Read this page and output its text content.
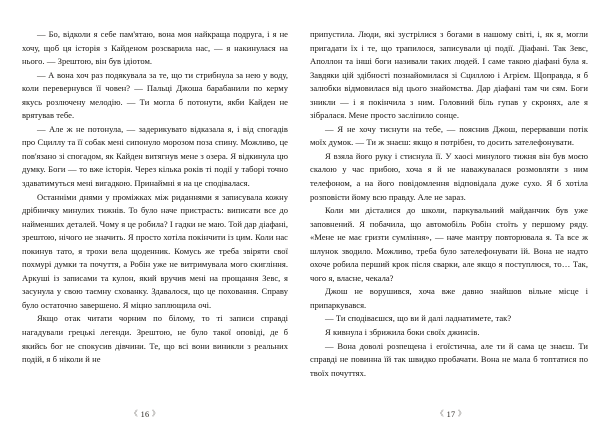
— Бо, відколи я себе пам'ятаю, вона моя найкраща подруга, і я не хочу, щоб ця історія з Кайденом розсварила нас, — я накинулася на нього. — Зрештою, він був ідіотом.

— А вона хоч раз подякувала за те, що ти стрибнула за нею у воду, коли перевернувся її човен? — Пальці Джоша барабанили по керму якусь розлючену мелодію. — Ти могла б потонути, якби Кайден не врятував тебе.

— Але ж не потонула, — задерикувато відказала я, і від спогадів про Сциллу та її собак мені сипонуло морозом поза спину. Можливо, це пов'язано зі спогадом, як Кайден витягнув мене з озера. Я відкинула цю думку. Боги — то вже історія. Через кілька років ті події у таборі точно здаватимуться мені вигадкою. Принаймні я на це сподівалася.

Останніми днями у проміжках між риданнями я записувала кожну дрібничку минулих тижнів. То було наче пристрасть: виписати все до найменших деталей. Чому я це робила? І гадки не маю. Той дар діафані, зрештою, нічого не значить. Я просто хотіла покінчити із цим. Коли нас покинув тато, я трохи вела щоденник. Комусь же треба звіряти свої похмурі думки та почуття, а Робін уже не витримувала мого скиглiння. Аркуші із записами та кулон, який вручив мені на прощання Зевс, я засунула у свою таємну схованку. Здавалося, що це поховання. Справу було остаточно завершено. Я міцно заплющила очі.

Якщо отак читати чорним по білому, то ті записи справді нагадували грецькі легенди. Зрештою, не було такої оповіді, де б якийсь бог не спокусив дівчини. Те, що всі вони виникли з реальних подій, я б ніколи й не

《 16 》

припустила. Люди, які зустрілися з богами в нашому світі, і, як я, могли пригадати їх і те, що трапилося, записували ці події. Діафані. Так Зевс, Аполлон та інші боги називали таких людей. І саме такою діафані була я. Завдяки цій здібності познайомилася зі Сциллою і Агрієм. Щоправда, я б залюбки відмовилася від цього знайомства. Дар діафані там чи сям. Боги зникли — і я покінчила з ним. Головний біль гупав у скронях, але я зібралася. Мене просто засліпило сонце.

— Я не хочу тиснути на тебе, — пояснив Джош, перервавши потік моїх думок. — Ти ж знаєш: якщо я потрібен, то досить зателефонувати.

Я взяла його руку і стиснула її. У хаосі минулого тижня він був моєю скалою у час прибою, хоча я й не наважувалася розмовляти з ним телефоном, а на його повідомлення відповідала дуже сухо. Я б хотіла розповісти йому всю правду. Але не зараз.

Коли ми дісталися до школи, паркувальний майданчик був уже заповнений. Я побачила, що автомобіль Робін стоїть у першому ряду. «Мене не має гризти сумління», — наче мантру повторювала я. Та все ж шлунок зводило. Можливо, треба було зателефонувати їй. Вона не надто охоче робила перший крок після сварки, але якщо я поступлюся, то… Так, чого я, власне, чекала?

Джош не ворушився, хоча вже давно знайшов вільне місце і припаркувався.

— Ти сподіваєшся, що ви й далі ладнатимете, так?

Я кивнула і збрижила боки своїх джинсів.

— Вона доволі розпещена і егоїстична, але ти й сама це знаєш. Ти справді не повинна їй так швидко пробачати. Вона не мала б топтатися по твоїх почуттях.

《 17 》
